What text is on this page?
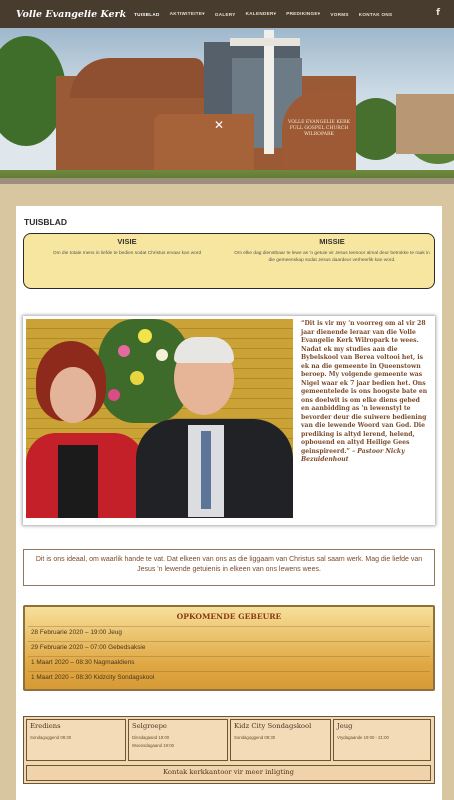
Volle Evangelie Kerk	TUISBLAD AKTIWITEITE▾ GALERY KALENDER▾ PREDIKINGE▾ VORMS KONTAK ONS	f
✕	VOLLE EVANGELIE KERK
FULL GOSPEL CHURCH
WILROPARK
TUISBLAD
VISIE
Om die totale mens in liefde te bedien sodat Christus ervaar kan word
MISSIE
Om elke dag dienstbaar te lewe as 'n getuie vir Jesus teenoor almal deur betrokke te raak in die gemeenskap sodat Jesus daardeur verheerlik kan word.
“Dit is vir my 'n voorreg om al vir 28 jaar dienende leraar van die Volle Evangelie Kerk Wilropark te wees. Nadat ek my studies aan die Bybelskool van Berea voltooi het, is ek na die gemeente in Queenstown beroep. My volgende gemeente was Nigel waar ek 7 jaar bedien het. Ons gemeentelede is ons hoogste bate en ons doelwit is om elke diens gebed en aanbidding as 'n lewenstyl te bevorder deur die suiwere bediening van die lewende Woord van God. Die prediking is altyd lerend, helend, opbouend en altyd Heilige Gees geinspireerd.” – Pastoor Nicky Bezuidenhout
Dit is ons ideaal, om waarlik hande te vat. Dat elkeen van ons as die liggaam van Christus sal saam werk. Mag die liefde van Jesus 'n lewende getuienis in elkeen van ons lewens wees.
OPKOMENDE GEBEURE
28 Februarie 2020 – 19:00 Jeug
29 Februarie 2020 – 07:00 Gebedsaksie
1 Maart 2020 – 08:30 Nagmaaldiens
1 Maart 2020 – 08:30 Kidzcity Sondagskool
Erediens
Sondagoggend 08:30
Selgroepe
Dinsdagaand 19:00
Woensdagaand 19:00
Kidz City Sondagskool
Sondagoggend 08:30
Jeug
Vrydagaande 19:00 - 21:00
Kontak kerkkantoor vir meer inligting
